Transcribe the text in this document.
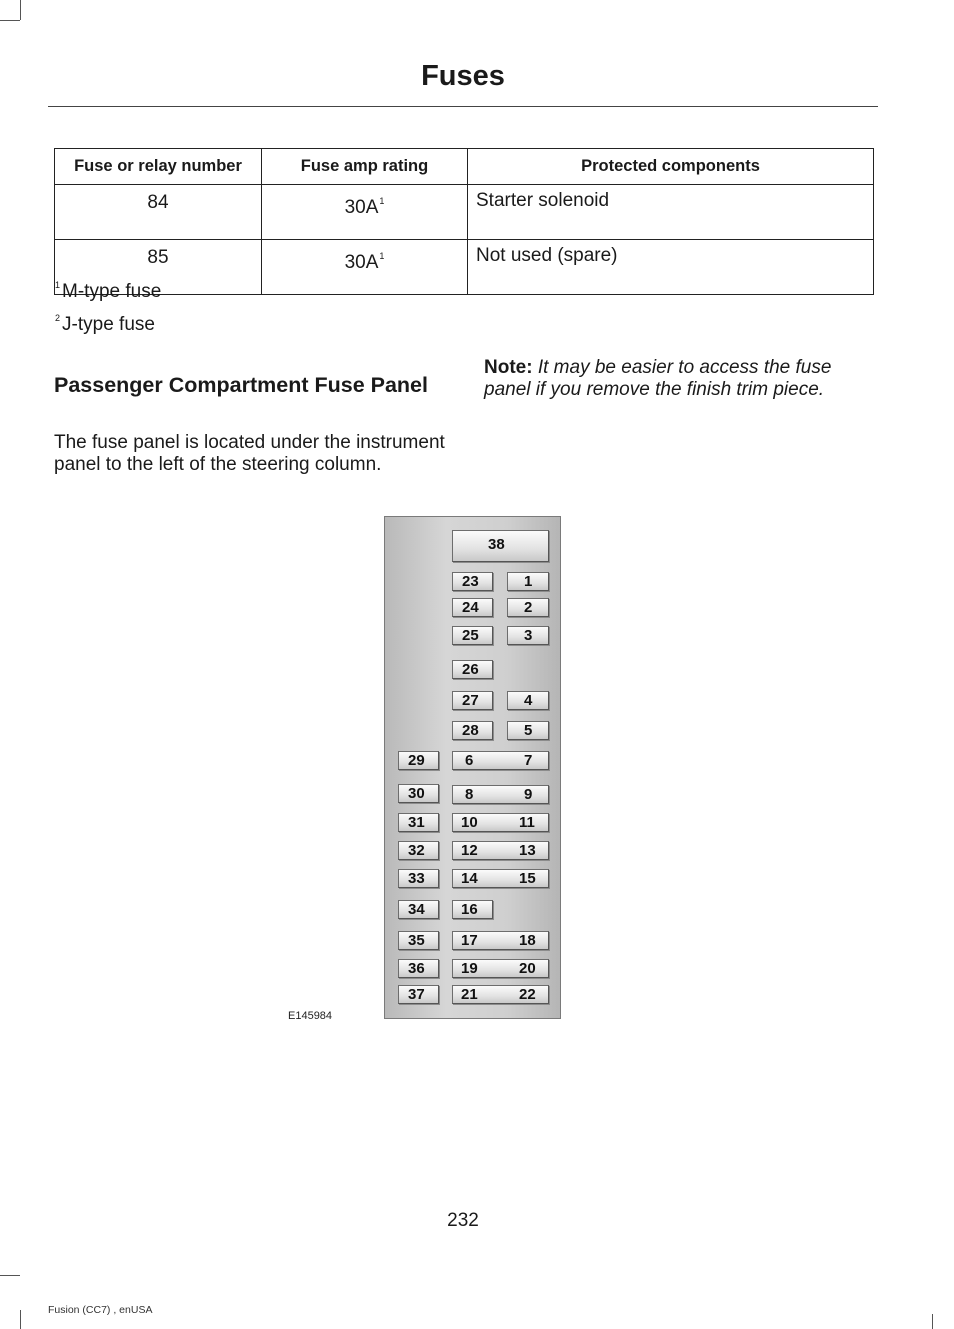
Fuses
Fuse or relay number	Fuse amp rating	Protected components
84	$30A^1$	Starter solenoid
85	$30A^1$	Not used (spare)
$^1$ M-type fuse
$^2$ J-type fuse
Passenger Compartment Fuse Panel

The fuse panel is located under the instrument panel to the left of the steering column.

Note: It may be easier to access the fuse panel if you remove the finish trim piece.

38
23	1
24	2
25	3
26
27	4
28	5
29	6	7
30	8	9
31 10	11
32 12	13
33 14	15
34 16
35 17	18
36 19	20
37 21	22
E145984
232
Fusion (CC7) , enUSA
